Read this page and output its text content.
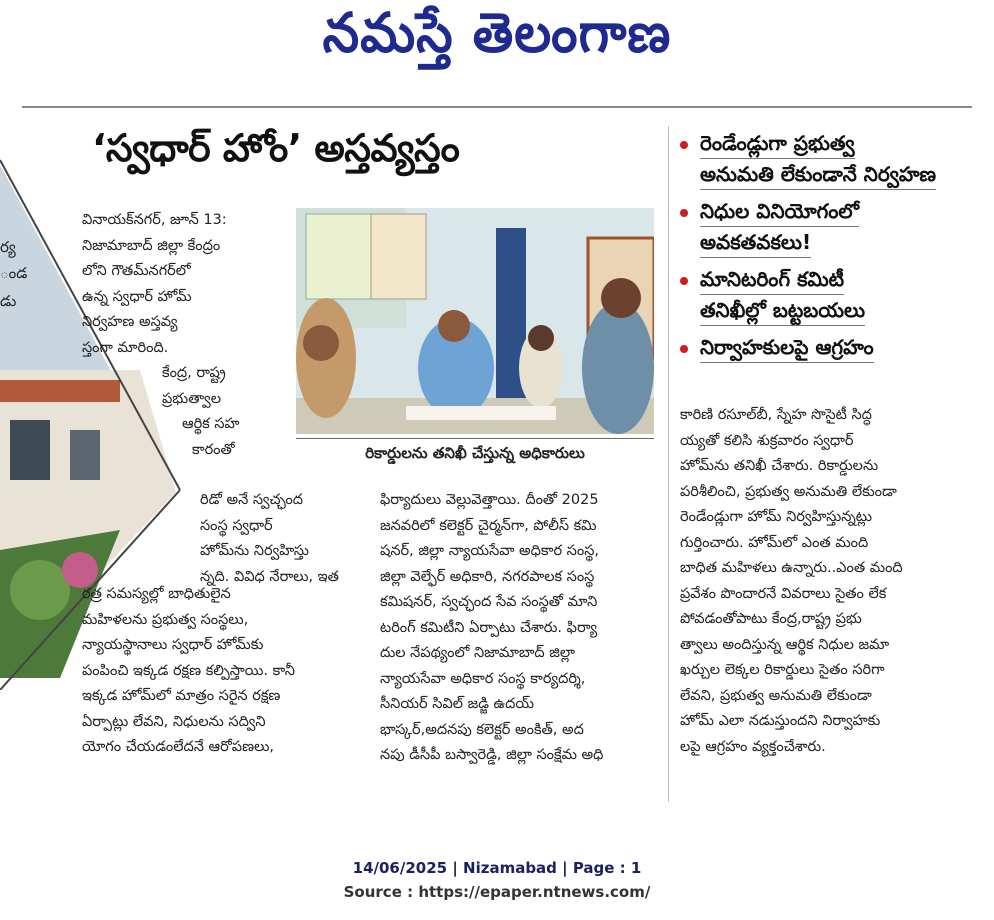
నమస్తే తెలంగాణ
ర్య
ండ
డు
‘స్వధార్ హోం’ అస్తవ్యస్తం
రికార్డులను తనిఖీ చేస్తున్న అధికారులు
వినాయక్‌నగర్, జూన్ 13:
నిజామాబాద్ జిల్లా కేంద్రం
లోని గౌతమ్‌నగర్‌లో
ఉన్న స్వధార్ హోమ్
నిర్వహణ అస్తవ్య
స్తంగా మారింది.
కేంద్ర, రాష్ట్ర
ప్రభుత్వాల
ఆర్థిక సహ
కారంతో
రిడో అనే స్వచ్ఛంద
సంస్థ స్వధార్
హోమ్‌ను నిర్వహిస్తు
న్నది. వివిధ నేరాలు, ఇత
ర‌త్ర సమస్యల్లో బాధితులైన
మహిళలను ప్రభుత్వ సంస్థలు,
న్యాయస్థానాలు స్వధార్ హోమ్‌కు
పంపించి ఇక్కడ రక్షణ కల్పిస్తాయి. కానీ
ఇక్కడ హోమ్‌లో మాత్రం సరైన రక్షణ
ఏర్పాట్లు లేవని, నిధులను సద్విని
యోగం చేయడంలేదనే ఆరోపణలు,
ఫిర్యాదులు వెల్లువెత్తాయి. దీంతో 2025
జనవరిలో కలెక్టర్ చైర్మన్‌గా, పోలీస్ కమి
షనర్, జిల్లా న్యాయసేవా అధికార సంస్థ,
జిల్లా వెల్ఫేర్ అధికారి, నగరపాలక సంస్థ
కమిషనర్, స్వచ్ఛంద సేవ సంస్థతో మాని
టరింగ్ కమిటీని ఏర్పాటు చేశారు. ఫిర్యా
దుల నేపథ్యంలో నిజామాబాద్ జిల్లా
న్యాయసేవా అధికార సంస్థ కార్యదర్శి,
సీనియర్ సివిల్ జడ్జి ఉదయ్
భాస్కర్,అదనపు కలెక్టర్ అంకిత్, అద
నపు డీసీపీ బస్వారెడ్డి, జిల్లా సంక్షేమ అధి
రెండేండ్లుగా ప్రభుత్వ
అనుమతి లేకుండానే నిర్వహణ
నిధుల వినియోగంలో
అవకతవకలు!
మానిటరింగ్ కమిటీ
తనిఖీల్లో బట్టబయలు
నిర్వాహకులపై ఆగ్రహం
కారిణి రసూల్‌బీ, స్నేహ సొసైటీ సిద్ధ
య్యతో కలిసి శుక్రవారం స్వధార్
హోమ్‌ను తనిఖీ చేశారు. రికార్డులను
పరిశీలించి, ప్రభుత్వ అనుమతి లేకుండా
రెండేండ్లుగా హోమ్ నిర్వహిస్తున్నట్లు
గుర్తించారు. హోమ్‌లో ఎంత మంది
బాధిత మహిళలు ఉన్నారు..ఎంత మంది
ప్రవేశం పొందారనే వివరాలు సైతం లేక
పోవడంతోపాటు కేంద్ర,రాష్ట్ర ప్రభు
త్వాలు అందిస్తున్న ఆర్థిక నిధుల జమా
ఖర్చుల లెక్కల రికార్డులు సైతం సరిగా
లేవని, ప్రభుత్వ అనుమతి లేకుండా
హోమ్ ఎలా నడుస్తుందని నిర్వాహకు
లపై ఆగ్రహం వ్యక్తంచేశారు.
14/06/2025 | Nizamabad | Page : 1
Source : https://epaper.ntnews.com/
